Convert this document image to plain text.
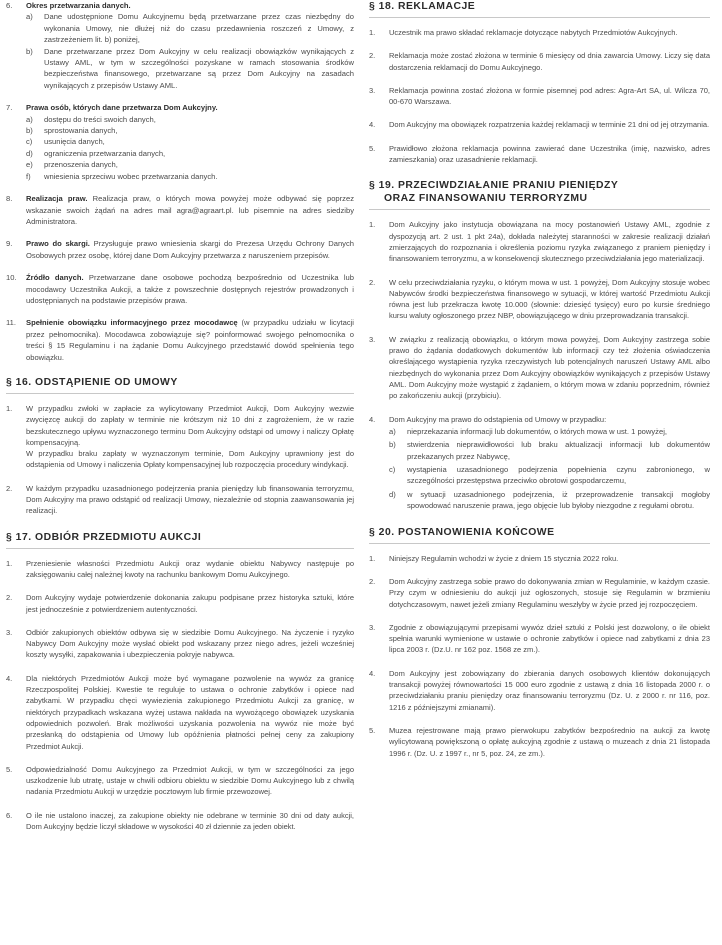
6. Okres przetwarzania danych.
a) Dane udostępnione Domu Aukcyjnemu będą przetwarzane przez czas niezbędny do wykonania Umowy, nie dłużej niż do czasu przedawnienia roszczeń z Umowy, z zastrzeżeniem lit. b) poniżej,
b) Dane przetwarzane przez Dom Aukcyjny w celu realizacji obowiązków wynikających z Ustawy AML, w tym w szczególności pozyskane w ramach stosowania środków bezpieczeństwa finansowego, przetwarzane są przez Dom Aukcyjny na zasadach wynikających z przepisów Ustawy AML.
7. Prawa osób, których dane przetwarza Dom Aukcyjny.
a) dostępu do treści swoich danych,
b) sprostowania danych,
c) usunięcia danych,
d) ograniczenia przetwarzania danych,
e) przenoszenia danych,
f) wniesienia sprzeciwu wobec przetwarzania danych.
8. Realizacja praw. Realizacja praw, o których mowa powyżej może odbywać się poprzez wskazanie swoich żądań na adres mail agra@agraart.pl. lub pisemnie na adres siedziby Administratora.
9. Prawo do skargi. Przysługuje prawo wniesienia skargi do Prezesa Urzędu Ochrony Danych Osobowych przez osobę, której dane Dom Aukcyjny przetwarza z naruszeniem przepisów.
10. Źródło danych. Przetwarzane dane osobowe pochodzą bezpośrednio od Uczestnika lub mocodawcy Uczestnika Aukcji, a także z powszechnie dostępnych rejestrów prowadzonych i udostępnianych na podstawie przepisów prawa.
11. Spełnienie obowiązku informacyjnego przez mocodawcę (w przypadku udziału w licytacji przez pełnomocnika). Mocodawca zobowiązuje się? poinformować swojego pełnomocnika o treści § 15 Regulaminu i na żądanie Domu Aukcyjnego przedstawić dowód spełnienia tego obowiązku.
§ 16. ODSTĄPIENIE OD UMOWY
1. W przypadku zwłoki w zapłacie za wylicytowany Przedmiot Aukcji, Dom Aukcyjny wezwie zwycięzcę aukcji do zapłaty w terminie nie krótszym niż 10 dni z zagrożeniem, że w razie bezskutecznego upływu wyznaczonego terminu Dom Aukcyjny odstąpi od umowy i naliczy Opłatę kompensacyjną.

W przypadku braku zapłaty w wyznaczonym terminie, Dom Aukcyjny uprawniony jest do odstąpienia od Umowy i naliczenia Opłaty kompensacyjnej lub rozpoczęcia procedury windykacji.

2. W każdym przypadku uzasadnionego podejrzenia prania pieniędzy lub finansowania terroryzmu, Dom Aukcyjny ma prawo odstąpić od realizacji Umowy, niezależnie od stopnia zaawansowania jej realizacji.

§ 17. ODBIÓR PRZEDMIOTU AUKCJI
1. Przeniesienie własności Przedmiotu Aukcji oraz wydanie obiektu Nabywcy następuje po zaksięgowaniu całej należnej kwoty na rachunku bankowym Domu Aukcyjnego.

2. Dom Aukcyjny wydaje potwierdzenie dokonania zakupu podpisane przez historyka sztuki, które jest jednocześnie z potwierdzeniem autentyczności.

3. Odbiór zakupionych obiektów odbywa się w siedzibie Domu Aukcyjnego. Na życzenie i ryzyko Nabywcy Dom Aukcyjny może wysłać obiekt pod wskazany przez niego adres, jeżeli wcześniej koszty wysyłki, zapakowania i ubezpieczenia pokryje nabywca.

4. Dla niektórych Przedmiotów Aukcji może być wymagane pozwolenie na wywóz za granicę Rzeczpospolitej Polskiej. Kwestie te reguluje to ustawa o ochronie zabytków i opiece nad zabytkami. W przypadku chęci wywiezienia zakupionego Przedmiotu Aukcji za granicę, w niektórych przypadkach wskazana wyżej ustawa nakłada na wywożącego obowiązek uzyskania odpowiednich pozwoleń. Brak możliwości uzyskania pozwolenia na wywóz nie może być przesłanką do odstąpienia od Umowy lub opóźnienia płatności pełnej ceny za zakupiony Przedmiot Aukcji.

5. Odpowiedzialność Domu Aukcyjnego za Przedmiot Aukcji, w tym w szczególności za jego uszkodzenie lub utratę, ustaje w chwili odbioru obiektu w siedzibie Domu Aukcyjnego lub z chwilą nadania Przedmiotu Aukcji w urzędzie pocztowym lub firmie przewozowej.

6. O ile nie ustalono inaczej, za zakupione obiekty nie odebrane w terminie 30 dni od daty aukcji, Dom Aukcyjny będzie liczył składowe w wysokości 40 zł dziennie za jeden obiekt.

§ 18. REKLAMACJE
1. Uczestnik ma prawo składać reklamacje dotyczące nabytych Przedmiotów Aukcyjnych.

2. Reklamacja może zostać złożona w terminie 6 miesięcy od dnia zawarcia Umowy. Liczy się data dostarczenia reklamacji do Domu Aukcyjnego.

3. Reklamacja powinna zostać złożona w formie pisemnej pod adres: Agra-Art SA, ul. Wilcza 70, 00-670 Warszawa.

4. Dom Aukcyjny ma obowiązek rozpatrzenia każdej reklamacji w terminie 21 dni od jej otrzymania.

5. Prawidłowo złożona reklamacja powinna zawierać dane Uczestnika (imię, nazwisko, adres zamieszkania) oraz uzasadnienie reklamacji.

§ 19. PRZECIWDZIAŁANIE PRANIU PIENIĘDZY
ORAZ FINANSOWANIU TERRORYZMU
1. Dom Aukcyjny jako instytucja obowiązana na mocy postanowień Ustawy AML, zgodnie z dyspozycją art. 2 ust. 1 pkt 24a), dokłada należytej staranności w zakresie realizacji działań zmierzających do rozpoznania i określenia poziomu ryzyka związanego z praniem pieniędzy i finansowaniem terroryzmu, a w konsekwencji skutecznego przeciwdziałania jego materializacji.

2. W celu przeciwdziałania ryzyku, o którym mowa w ust. 1 powyżej, Dom Aukcyjny stosuje wobec Nabywców środki bezpieczeństwa finansowego w sytuacji, w której wartość Przedmiotu Aukcji równa jest lub przekracza kwotę 10.000 (słownie: dziesięć tysięcy) euro po kursie średniego kursu waluty ogłoszonego przez NBP, obowiązującego w dniu przeprowadzania transakcji.

3. W związku z realizacją obowiązku, o którym mowa powyżej, Dom Aukcyjny zastrzega sobie prawo do żądania dodatkowych dokumentów lub informacji czy też złożenia oświadczenia określającego wystąpienia ryzyka rzeczywistych lub potencjalnych naruszeń Ustawy AML albo niezbędnych do wykonania przez Dom Aukcyjny obowiązków wynikających z przepisów Ustawy AML. Dom Aukcyjny może wystąpić z żądaniem, o którym mowa w zdaniu poprzednim, również po zakończeniu aukcji (przybiciu).

4. Dom Aukcyjny ma prawo do odstąpienia od Umowy w przypadku:

a) nieprzekazania informacji lub dokumentów, o których mowa w ust. 1 powyżej,
b) stwierdzenia nieprawidłowości lub braku aktualizacji informacji lub dokumentów przekazanych przez Nabywcę,
c) wystąpienia uzasadnionego podejrzenia popełnienia czynu zabronionego, w szczególności przestępstwa przeciwko obrotowi gospodarczemu,
d) w sytuacji uzasadnionego podejrzenia, iż przeprowadzenie transakcji mogłoby spowodować naruszenie prawa, jego objęcie lub byłoby niezgodne z regułami obrotu.
§ 20. POSTANOWIENIA KOŃCOWE
1. Niniejszy Regulamin wchodzi w życie z dniem 15 stycznia 2022 roku.

2. Dom Aukcyjny zastrzega sobie prawo do dokonywania zmian w Regulaminie, w każdym czasie. Przy czym w odniesieniu do aukcji już ogłoszonych, stosuje się Regulamin w brzmieniu dotychczasowym, nawet jeżeli zmiany Regulaminu weszłyby w życie przed jej rozpoczęciem.

3. Zgodnie z obowiązującymi przepisami wywóz dzieł sztuki z Polski jest dozwolony, o ile obiekt spełnia warunki wymienione w ustawie o ochronie zabytków i opiece nad zabytkami z dnia 23 lipca 2003 r. (Dz.U. nr 162 poz. 1568 ze zm.).

4. Dom Aukcyjny jest zobowiązany do zbierania danych osobowych klientów dokonujących transakcji powyżej równowartości 15 000 euro zgodnie z ustawą z dnia 16 listopada 2000 r. o przeciwdziałaniu praniu pieniędzy oraz finansowaniu terroryzmu (Dz. U. z 2000 r. nr 116, poz. 1216 z późniejszymi zmianami).

5. Muzea rejestrowane mają prawo pierwokupu zabytków bezpośrednio na aukcji za kwotę wylicytowaną powiększoną o opłatę aukcyjną zgodnie z ustawą o muzeach z dnia 21 listopada 1996 r. (Dz. U. z 1997 r., nr 5, poz. 24, ze zm.).
